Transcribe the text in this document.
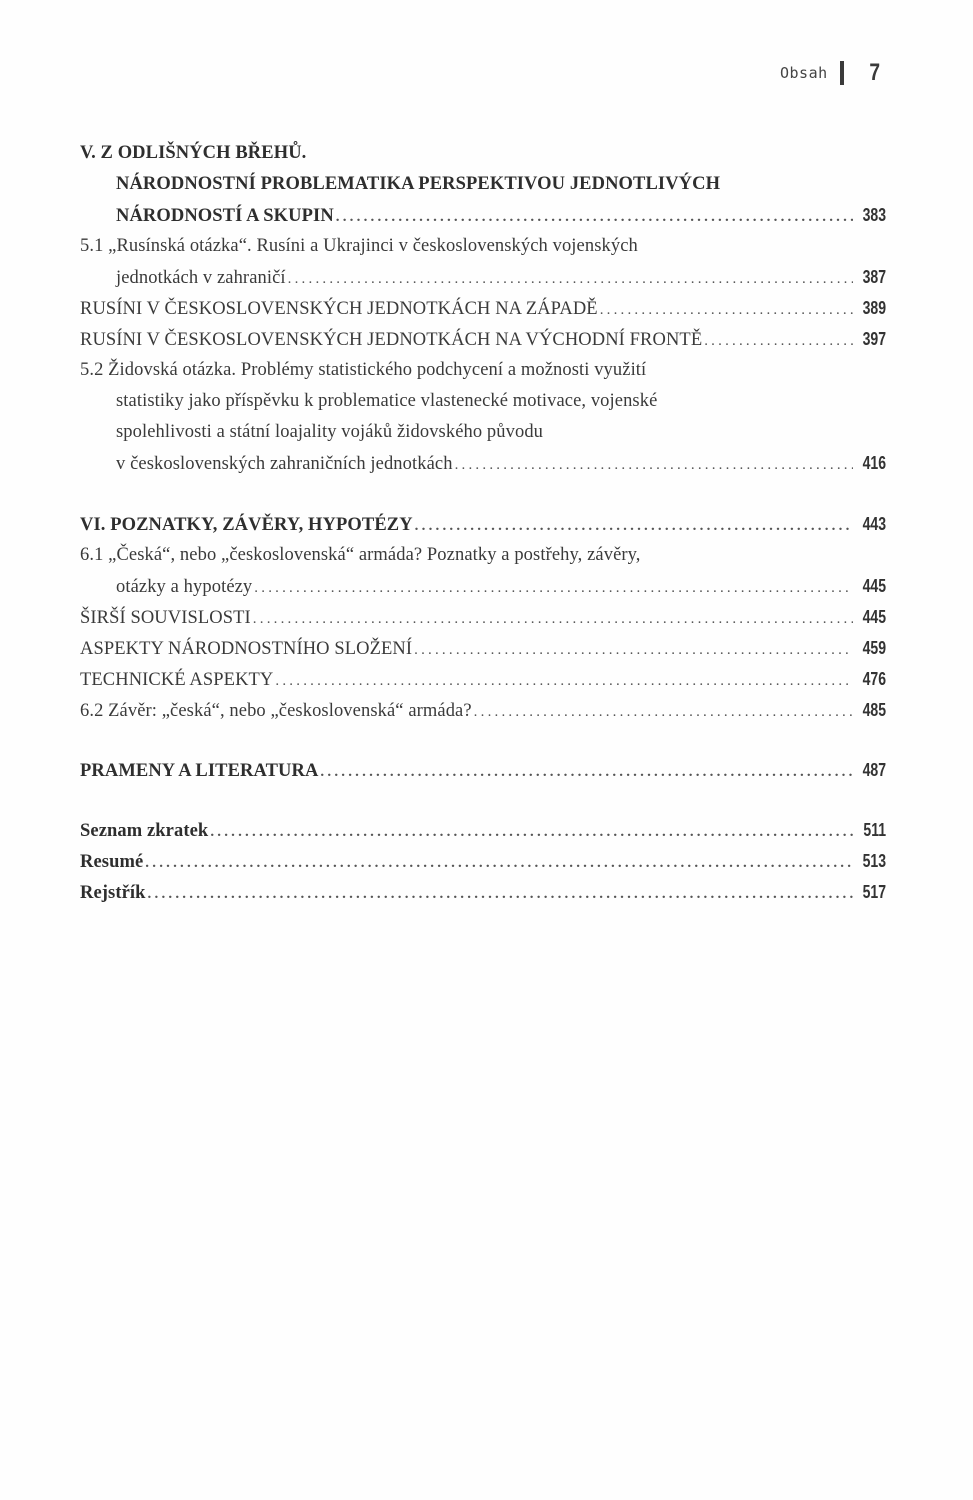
Obsah 7
V. Z ODLIŠNÝCH BŘEHŮ.
NÁRODNOSTNÍ PROBLEMATIKA PERSPEKTIVOU JEDNOTLIVÝCH
NÁRODNOSTÍ A SKUPIN .....	383
5.1 „Rusínská otázka“. Rusíni a Ukrajinci v československých vojenských
jednotkách v zahraničí .....	387
RUSÍNI V ČESKOSLOVENSKÝCH JEDNOTKÁCH NA ZÁPADĚ .....	389
RUSÍNI V ČESKOSLOVENSKÝCH JEDNOTKÁCH NA VÝCHODNÍ FRONTĚ .....	397
5.2 Židovská otázka. Problémy statistického podchycení a možnosti využití
statistiky jako příspěvku k problematice vlastenecké motivace, vojenské
spolehlivosti a státní loajality vojáků židovského původu
v československých zahraničních jednotkách .....	416
VI. POZNATKY, ZÁVĚRY, HYPOTÉZY .....	443
6.1 „Česká“, nebo „československá“ armáda? Poznatky a postřehy, závěry,
otázky a hypotézy .....	445
ŠIRŠÍ SOUVISLOSTI .....	445
ASPEKTY NÁRODNOSTNÍHO SLOŽENÍ .....	459
TECHNICKÉ ASPEKTY .....	476
6.2 Závěr: „česká“, nebo „československá“ armáda? .....	485
PRAMENY A LITERATURA .....	487
Seznam zkratek .....	511
Resumé .....	513
Rejstřík .....	517
